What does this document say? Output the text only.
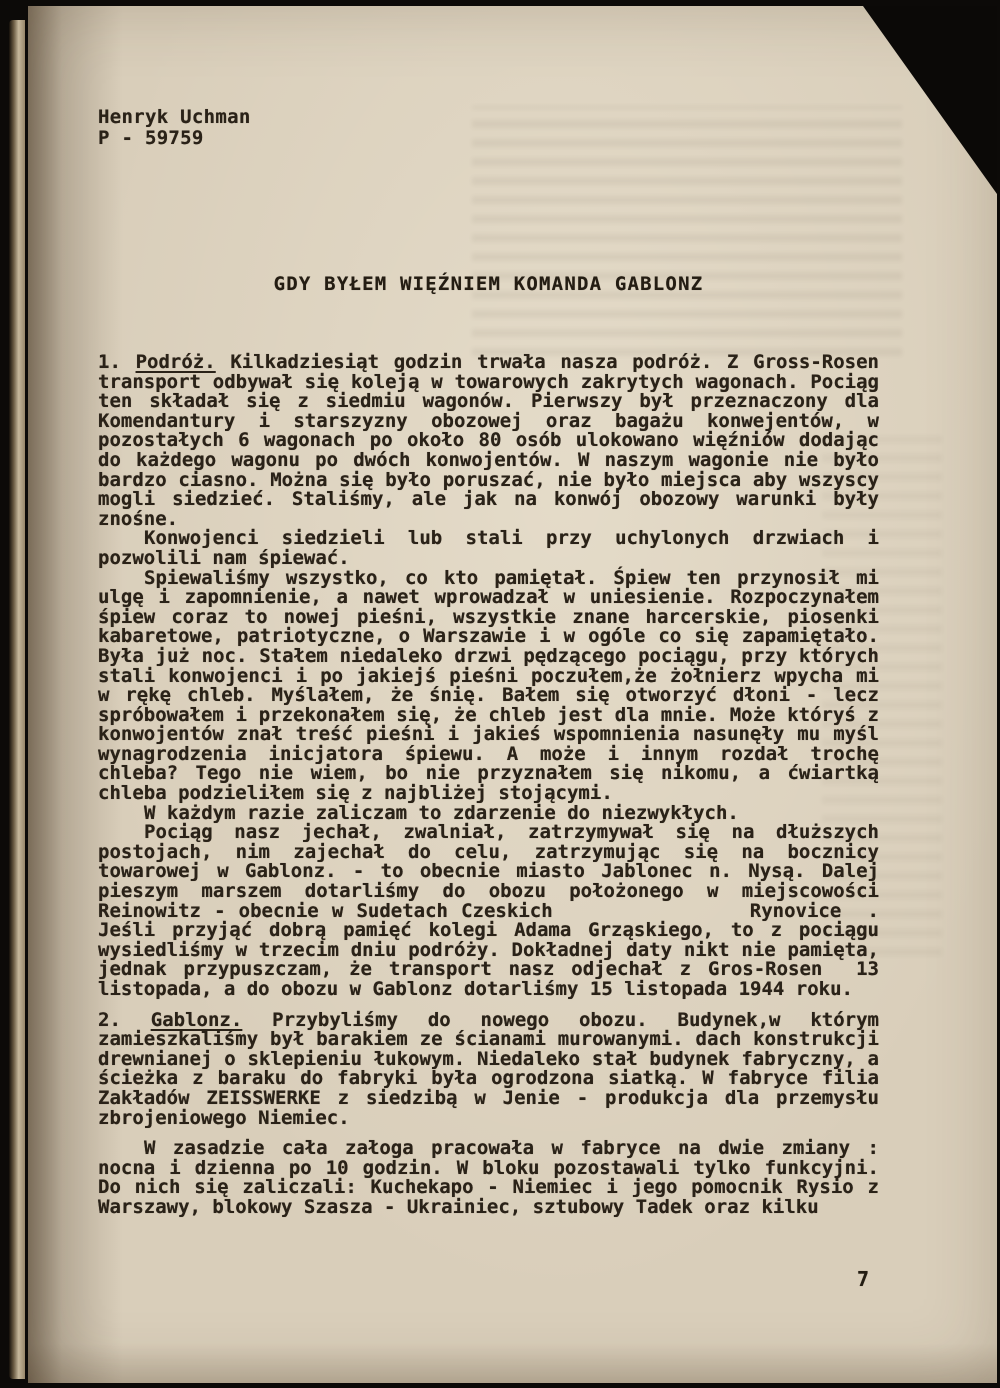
Henryk Uchman
P - 59759
GDY BYŁEM WIĘŹNIEM KOMANDA GABLONZ

1. Podróż. Kilkadziesiąt godzin trwała nasza podróż. Z Gross-Rosen transport odbywał się koleją w towarowych zakrytych wagonach. Pociąg ten składał się z siedmiu wagonów. Pierwszy był przeznaczony dla Komendantury i starszyzny obozowej oraz bagażu konwejentów, w pozostałych 6 wagonach po około 80 osób ulokowano więźniów dodając do każdego wagonu po dwóch konwojentów. W naszym wagonie nie było bardzo ciasno. Można się było poruszać, nie było miejsca aby wszyscy mogli siedzieć. Staliśmy, ale jak na konwój obozowy warunki były znośne.

Konwojenci siedzieli lub stali przy uchylonych drzwiach i pozwolili nam śpiewać.

Spiewaliśmy wszystko, co kto pamiętał. Śpiew ten przynosił mi ulgę i zapomnienie, a nawet wprowadzał w uniesienie. Rozpoczynałem śpiew coraz to nowej pieśni, wszystkie znane harcerskie, piosenki kabaretowe, patriotyczne, o Warszawie i w ogóle co się zapamiętało. Była już noc. Stałem niedaleko drzwi pędzącego pociągu, przy których stali konwojenci i po jakiejś pieśni poczułem,że żołnierz wpycha mi w rękę chleb. Myślałem, że śnię. Bałem się otworzyć dłoni - lecz spróbowałem i przekonałem się, że chleb jest dla mnie. Może któryś z konwojentów znał treść pieśni i jakieś wspomnienia nasunęły mu myśl wynagrodzenia inicjatora śpiewu. A może i innym rozdał trochę chleba? Tego nie wiem, bo nie przyznałem się nikomu, a ćwiartką chleba podzieliłem się z najbliżej stojącymi.

W każdym razie zaliczam to zdarzenie do niezwykłych.

Pociąg nasz jechał, zwalniał, zatrzymywał się na dłuższych postojach, nim zajechał do celu, zatrzymując się na bocznicy towarowej w Gablonz. - to obecnie miasto Jablonec n. Nysą. Dalej pieszym marszem dotarliśmy do obozu położonego w miejscowości Reinowitz - obecnie w Sudetach Czeskich               Rynovice  . Jeśli przyjąć dobrą pamięć kolegi Adama Grząskiego, to z pociągu wysiedliśmy w trzecim dniu podróży. Dokładnej daty nikt nie pamięta, jednak przypuszczam, że transport nasz odjechał z Gros-Rosen  13 listopada, a do obozu w Gablonz dotarliśmy 15 listopada 1944 roku.

2. Gablonz. Przybyliśmy do nowego obozu. Budynek,w którym zamieszkaliśmy był barakiem ze ścianami murowanymi. dach konstrukcji drewnianej o sklepieniu łukowym. Niedaleko stał budynek fabryczny, a ścieżka z baraku do fabryki była ogrodzona siatką. W fabryce filia Zakładów ZEISSWERKE z siedzibą w Jenie - produkcja dla przemysłu zbrojeniowego Niemiec.

W zasadzie cała załoga pracowała w fabryce na dwie zmiany : nocna i dzienna po 10 godzin. W bloku pozostawali tylko funkcyjni. Do nich się zaliczali: Kuchekapo - Niemiec i jego pomocnik Rysio z Warszawy, blokowy Szasza - Ukrainiec, sztubowy Tadek oraz kilku

7
